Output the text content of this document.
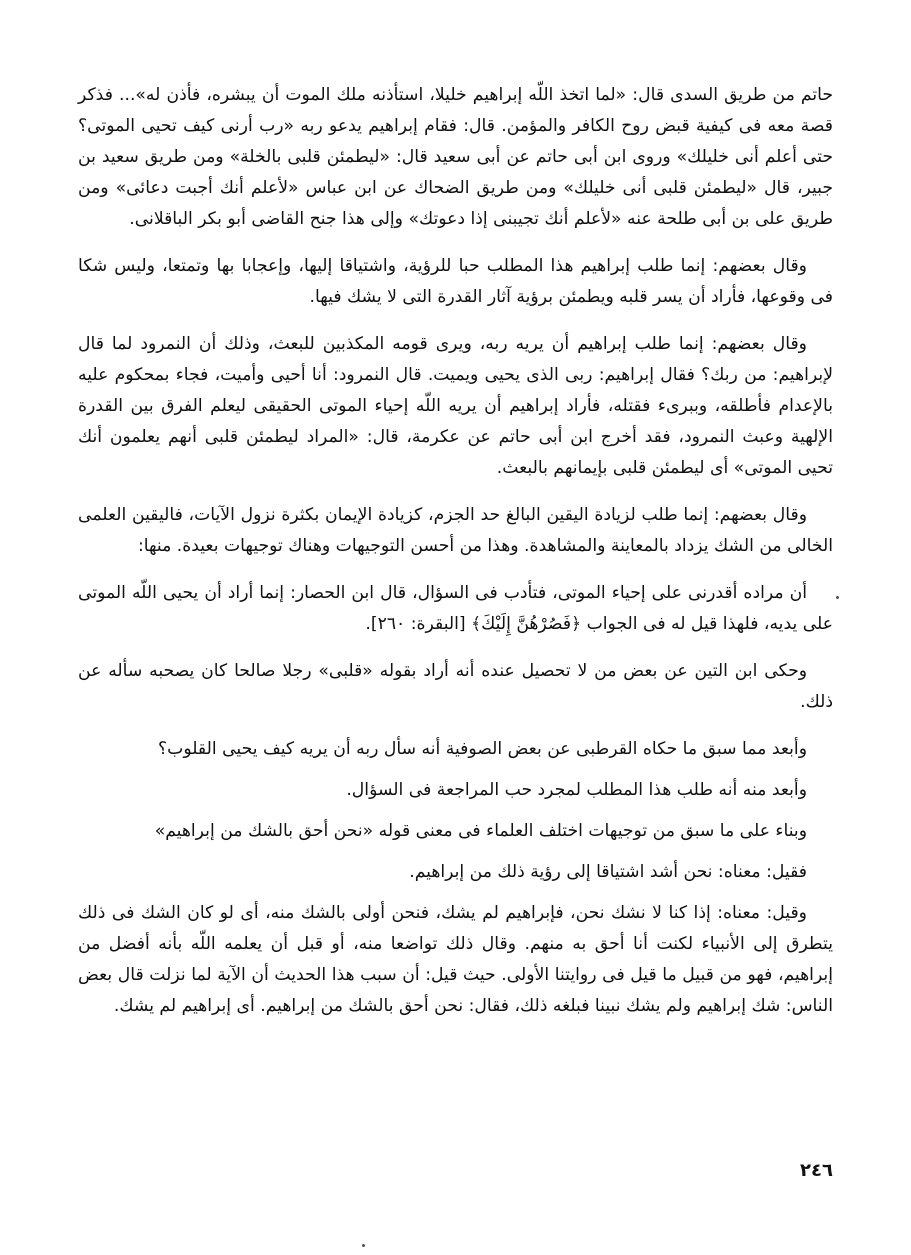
حاتم من طريق السدى قال: «لما اتخذ اللّه إبراهيم خليلا، استأذنه ملك الموت أن يبشره، فأذن له»... فذكر قصة معه فى كيفية قبض روح الكافر والمؤمن. قال: فقام إبراهيم يدعو ربه «رب أرنى كيف تحيى الموتى؟ حتى أعلم أنى خليلك» وروى ابن أبى حاتم عن أبى سعيد قال: «ليطمئن قلبى بالخلة» ومن طريق سعيد بن جبير، قال «ليطمئن قلبى أنى خليلك» ومن طريق الضحاك عن ابن عباس «لأعلم أنك أجبت دعائى» ومن طريق على بن أبى طلحة عنه «لأعلم أنك تجيبنى إذا دعوتك» وإلى هذا جنح القاضى أبو بكر الباقلانى.

وقال بعضهم: إنما طلب إبراهيم هذا المطلب حبا للرؤية، واشتياقا إليها، وإعجابا بها وتمتعا، وليس شكا فى وقوعها، فأراد أن يسر قلبه ويطمئن برؤية آثار القدرة التى لا يشك فيها.

وقال بعضهم: إنما طلب إبراهيم أن يريه ربه، ويرى قومه المكذبين للبعث، وذلك أن النمرود لما قال لإبراهيم: من ربك؟ فقال إبراهيم: ربى الذى يحيى ويميت. قال النمرود: أنا أحيى وأميت، فجاء بمحكوم عليه بالإعدام فأطلقه، وببرىء فقتله، فأراد إبراهيم أن يريه اللّه إحياء الموتى الحقيقى ليعلم الفرق بين القدرة الإلهية وعبث النمرود، فقد أخرج ابن أبى حاتم عن عكرمة، قال: «المراد ليطمئن قلبى أنهم يعلمون أنك تحيى الموتى» أى ليطمئن قلبى بإيمانهم بالبعث.

وقال بعضهم: إنما طلب لزيادة اليقين البالغ حد الجزم، كزيادة الإيمان بكثرة نزول الآيات، فاليقين العلمى الخالى من الشك يزداد بالمعاينة والمشاهدة. وهذا من أحسن التوجيهات وهناك توجيهات بعيدة. منها:

أن مراده أقدرنى على إحياء الموتى، فتأدب فى السؤال، قال ابن الحصار: إنما أراد أن يحيى اللّه الموتى على يديه، فلهذا قيل له فى الجواب ﴿فَصُرْهُنَّ إِلَيْكَ﴾ [البقرة: ٢٦٠].

وحكى ابن التين عن بعض من لا تحصيل عنده أنه أراد بقوله «قلبى» رجلا صالحا كان يصحبه سأله عن ذلك.

وأبعد مما سبق ما حكاه القرطبى عن بعض الصوفية أنه سأل ربه أن يريه كيف يحيى القلوب؟

وأبعد منه أنه طلب هذا المطلب لمجرد حب المراجعة فى السؤال.

وبناء على ما سبق من توجيهات اختلف العلماء فى معنى قوله «نحن أحق بالشك من إبراهيم»

فقيل: معناه: نحن أشد اشتياقا إلى رؤية ذلك من إبراهيم.

وقيل: معناه: إذا كنا لا نشك نحن، فإبراهيم لم يشك، فنحن أولى بالشك منه، أى لو كان الشك فى ذلك يتطرق إلى الأنبياء لكنت أنا أحق به منهم. وقال ذلك تواضعا منه، أو قبل أن يعلمه اللّه بأنه أفضل من إبراهيم، فهو من قبيل ما قيل فى روايتنا الأولى. حيث قيل: أن سبب هذا الحديث أن الآية لما نزلت قال بعض الناس: شك إبراهيم ولم يشك نبينا فبلغه ذلك، فقال: نحن أحق بالشك من إبراهيم. أى إبراهيم لم يشك.

٢٤٦
